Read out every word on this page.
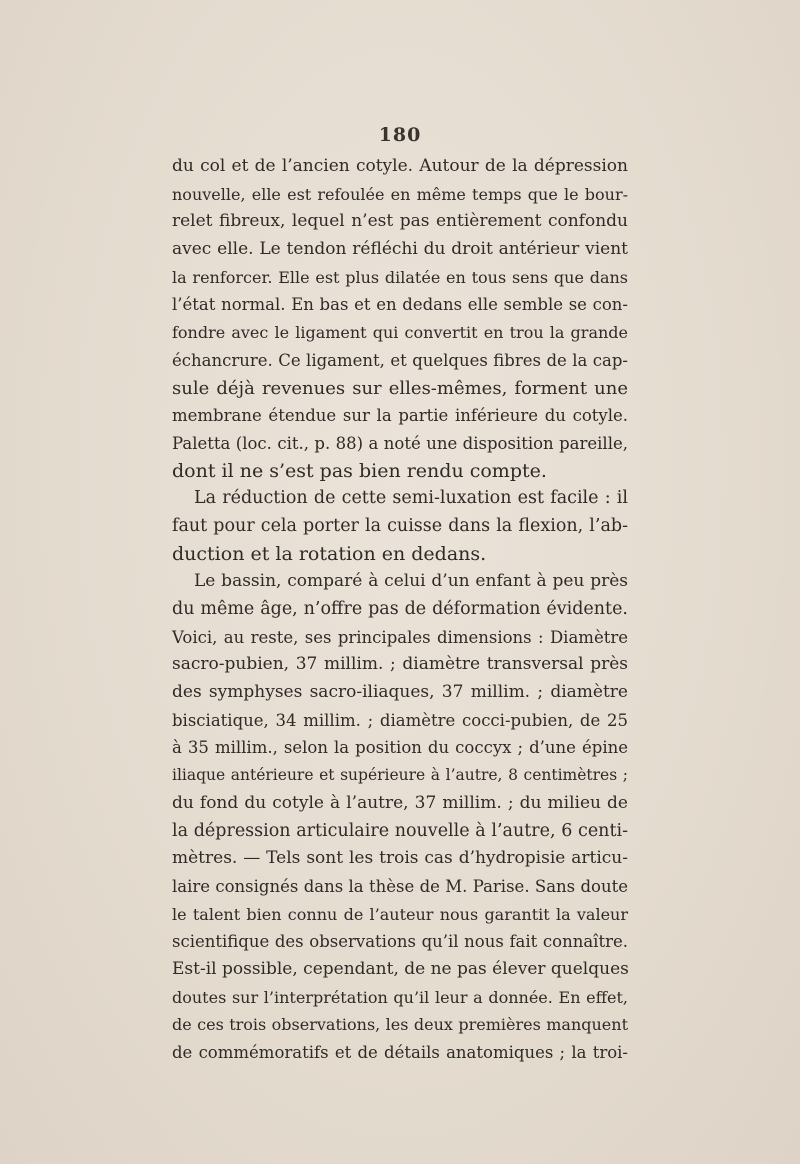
180
du col et de l’ancien cotyle. Autour de la dépression
nouvelle, elle est refoulée en même temps que le bour-
relet fibreux, lequel n’est pas entièrement confondu
avec elle. Le tendon réfléchi du droit antérieur vient
la renforcer. Elle est plus dilatée en tous sens que dans
l’état normal. En bas et en dedans elle semble se con-
fondre avec le ligament qui convertit en trou la grande
échancrure. Ce ligament, et quelques fibres de la cap-
sule déjà revenues sur elles-mêmes, forment une
membrane étendue sur la partie inférieure du cotyle.
Paletta (loc. cit., p. 88) a noté une disposition pareille,
dont il ne s’est pas bien rendu compte.
La réduction de cette semi-luxation est facile : il
faut pour cela porter la cuisse dans la flexion, l’ab-
duction et la rotation en dedans.
Le bassin, comparé à celui d’un enfant à peu près
du même âge, n’offre pas de déformation évidente.
Voici, au reste, ses principales dimensions : Diamètre
sacro-pubien, 37 millim. ; diamètre transversal près
des symphyses sacro-iliaques, 37 millim. ; diamètre
bisciatique, 34 millim. ; diamètre cocci-pubien, de 25
à 35 millim., selon la position du coccyx ; d’une épine
iliaque antérieure et supérieure à l’autre, 8 centimètres ;
du fond du cotyle à l’autre, 37 millim. ; du milieu de
la dépression articulaire nouvelle à l’autre, 6 centi-
mètres. — Tels sont les trois cas d’hydropisie articu-
laire consignés dans la thèse de M. Parise. Sans doute
le talent bien connu de l’auteur nous garantit la valeur
scientifique des observations qu’il nous fait connaître.
Est-il possible, cependant, de ne pas élever quelques
doutes sur l’interprétation qu’il leur a donnée. En effet,
de ces trois observations, les deux premières manquent
de commémoratifs et de détails anatomiques ; la troi-
